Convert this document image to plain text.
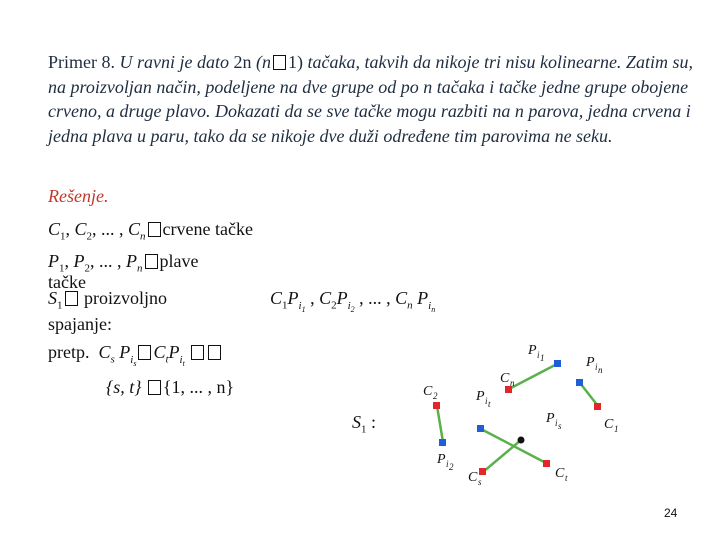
Primer 8. U ravni je dato 2n (n 1) tačaka, takvih da nikoje tri nisu kolinearne. Zatim su, na proizvoljan način, podeljene na dve grupe od po n tačaka i tačke jedne grupe obojene crveno, a druge plavo. Dokazati da se sve tačke mogu razbiti na n parova, jedna crvena i jedna plava u paru, tako da se nikoje dve duži određene tim parovima ne seku.
Rešenje.
$C_1$, $C_2$, ... , $C_n$ crvene tačke
$P_1$, $P_2$, ... , $P_n$ plave
tačke
$S_1$ proizvoljno
spajanje:
$C_1P_{i_1}$ , $C_2P_{i_2}$ , ... , $C_n$ $P_{i_n}$
pretp. $C_s$ $P_{i_s}C_tP_{i_t}$
{s, t} {1, ... , n}
$S_1$ :
P i 1	P i n
C n
C 2	P i t
P i s	C 1
P i 2	C t
C s
24
